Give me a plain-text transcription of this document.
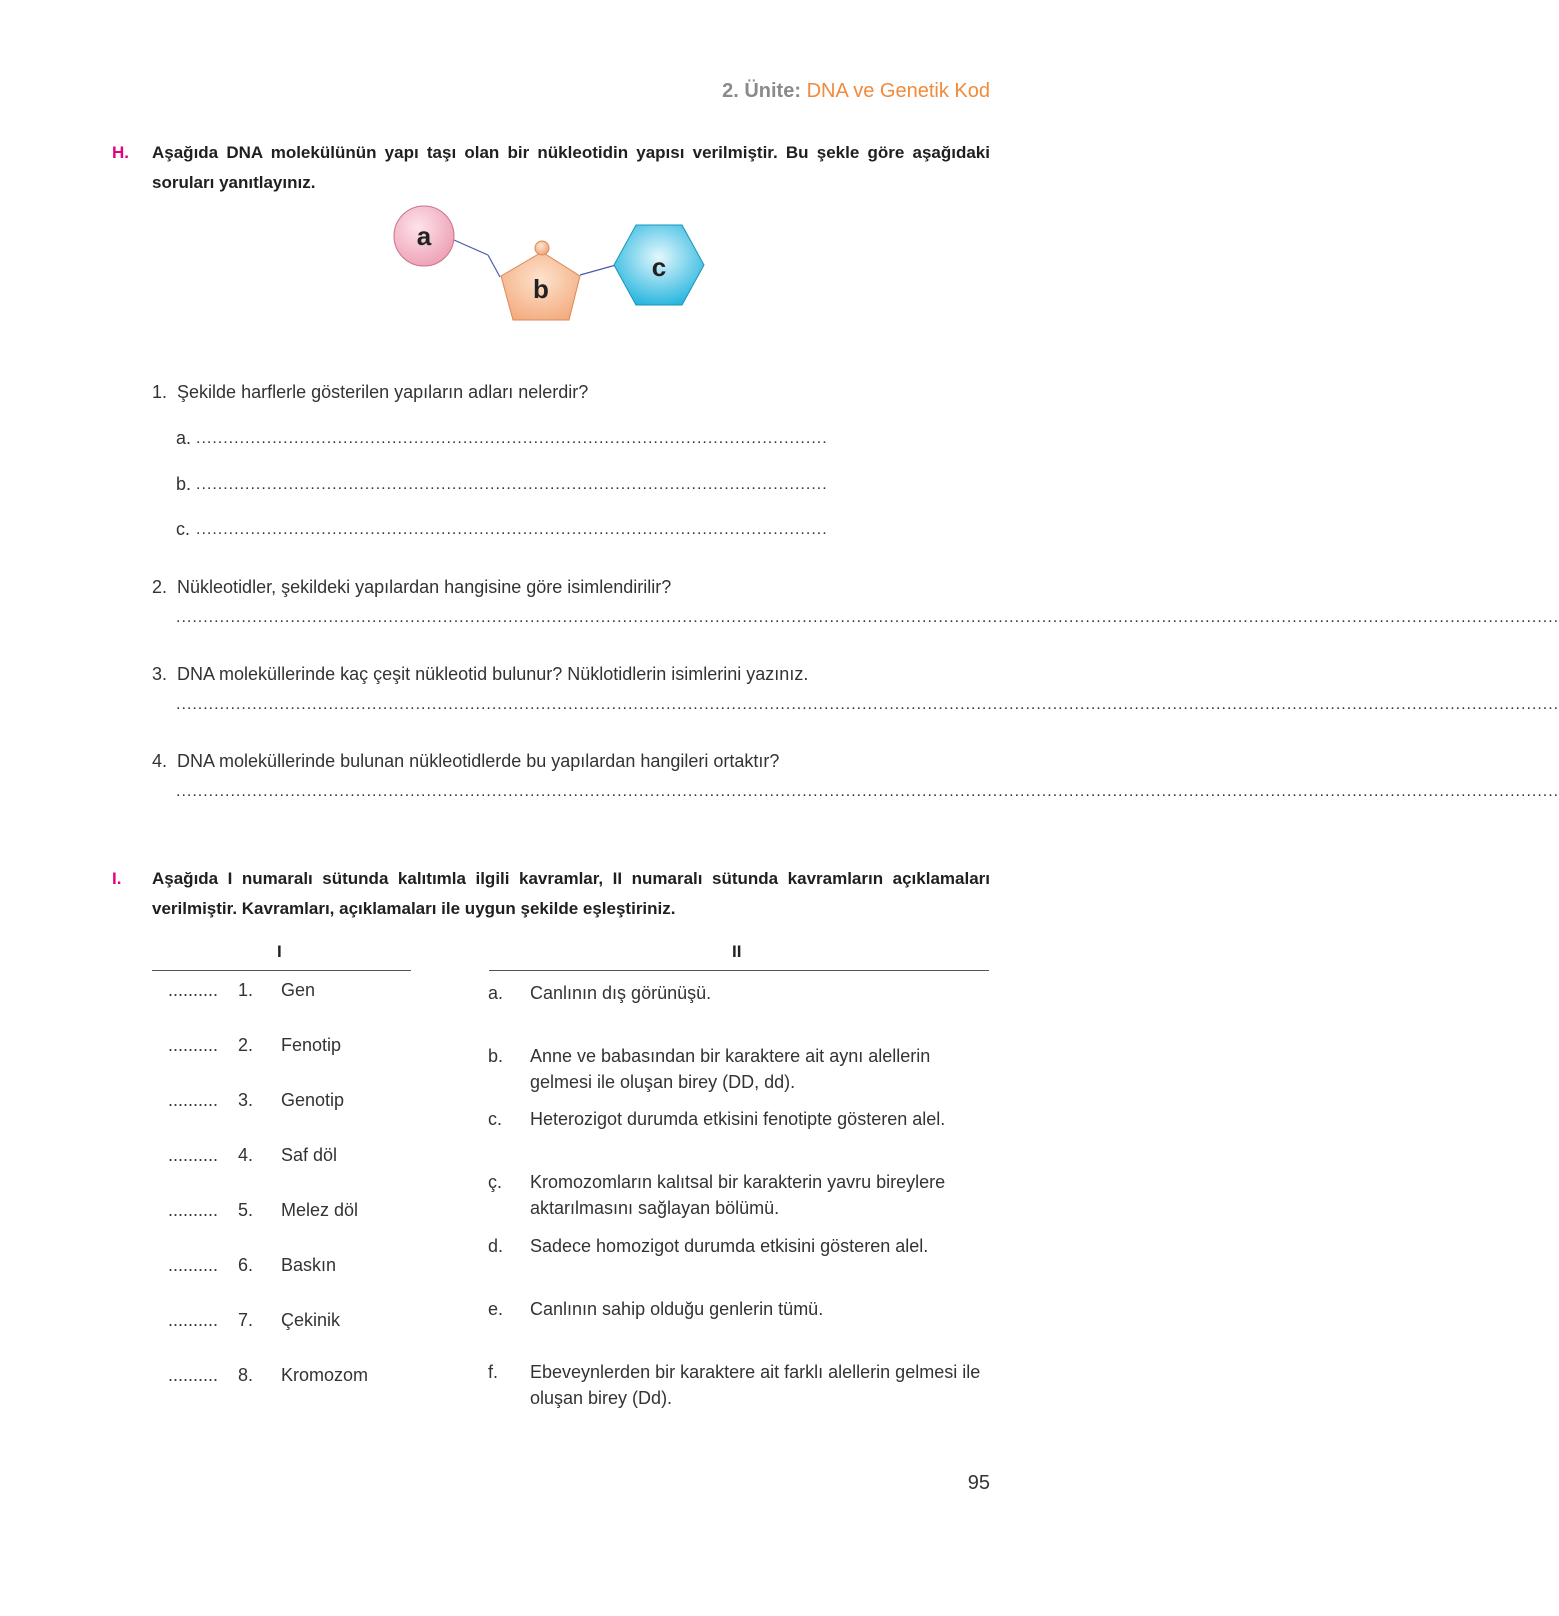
2. Ünite: DNA ve Genetik Kod
H. Aşağıda DNA molekülünün yapı taşı olan bir nükleotidin yapısı verilmiştir. Bu şekle göre aşağıdaki soruları yanıtlayınız.
a
b
c
1. Şekilde harflerle gösterilen yapıların adları nelerdir?
a. ....................................................................................................................
b. ....................................................................................................................
c. ....................................................................................................................
2. Nükleotidler, şekildeki yapılardan hangisine göre isimlendirilir?
..............................................................................................................................................................................................................................................................
3. DNA moleküllerinde kaç çeşit nükleotid bulunur? Nüklotidlerin isimlerini yazınız.
..............................................................................................................................................................................................................................................................
4. DNA moleküllerinde bulunan nükleotidlerde bu yapılardan hangileri ortaktır?
..............................................................................................................................................................................................................................................................
I. Aşağıda I numaralı sütunda kalıtımla ilgili kavramlar, II numaralı sütunda kavramların açıklamaları verilmiştir. Kavramları, açıklamaları ile uygun şekilde eşleştiriniz.
I	II
.......... 1. Gen
.......... 2. Fenotip
.......... 3. Genotip
.......... 4. Saf döl
.......... 5. Melez döl
.......... 6. Baskın
.......... 7. Çekinik
.......... 8. Kromozom
a. Canlının dış görünüşü.
b. Anne ve babasından bir karaktere ait aynı alellerin gelmesi ile oluşan birey (DD, dd).
c. Heterozigot durumda etkisini fenotipte gösteren alel.
ç. Kromozomların kalıtsal bir karakterin yavru bireylere aktarılmasını sağlayan bölümü.
d. Sadece homozigot durumda etkisini gösteren alel.
e. Canlının sahip olduğu genlerin tümü.
f. Ebeveynlerden bir karaktere ait farklı alellerin gelmesi ile oluşan birey (Dd).
95
